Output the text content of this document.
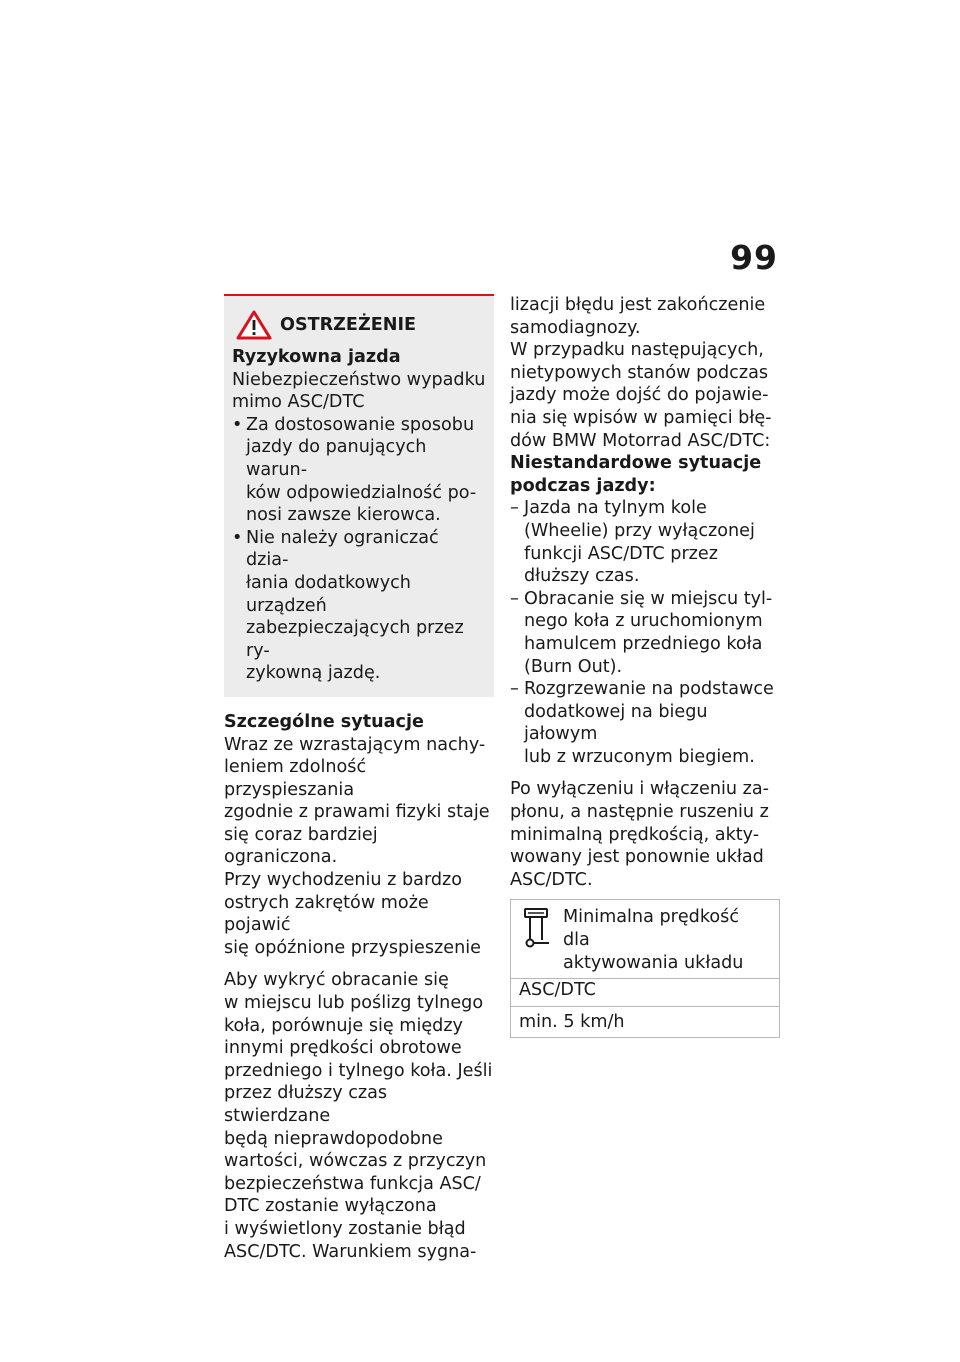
99
OSTRZEŻENIE

Ryzykowna jazda

Niebezpieczeństwo wypadku

mimo ASC/DTC

• Za dostosowanie sposobu
jazdy do panujących warun-
ków odpowiedzialność po-
nosi zawsze kierowca.
• Nie należy ograniczać dzia-
łania dodatkowych urządzeń
zabezpieczających przez ry-
zykowną jazdę.

Szczególne sytuacje

Wraz ze wzrastającym nachy-
leniem zdolność przyspieszania
zgodnie z prawami fizyki staje
się coraz bardziej ograniczona.
Przy wychodzeniu z bardzo
ostrych zakrętów może pojawić
się opóźnione przyspieszenie
Aby wykryć obracanie się
w miejscu lub poślizg tylnego
koła, porównuje się między
innymi prędkości obrotowe
przedniego i tylnego koła. Jeśli
przez dłuższy czas stwierdzane
będą nieprawdopodobne
wartości, wówczas z przyczyn
bezpieczeństwa funkcja ASC/
DTC zostanie wyłączona
i wyświetlony zostanie błąd
ASC/DTC. Warunkiem sygna-
lizacji błędu jest zakończenie
samodiagnozy.
W przypadku następujących,
nietypowych stanów podczas
jazdy może dojść do pojawie-
nia się wpisów w pamięci błę-
dów BMW Motorrad ASC/DTC:
Niestandardowe sytuacje
podczas jazdy:
– Jazda na tylnym kole
(Wheelie) przy wyłączonej
funkcji ASC/DTC przez
dłuższy czas.
– Obracanie się w miejscu tyl-
nego koła z uruchomionym
hamulcem przedniego koła
(Burn Out).
– Rozgrzewanie na podstawce
dodatkowej na biegu jałowym
lub z wrzuconym biegiem.
Po wyłączeniu i włączeniu za-
płonu, a następnie ruszeniu z
minimalną prędkością, akty-
wowany jest ponownie układ
ASC/DTC.
Minimalna prędkość dla
aktywowania układu
ASC/DTC
min. 5 km/h
